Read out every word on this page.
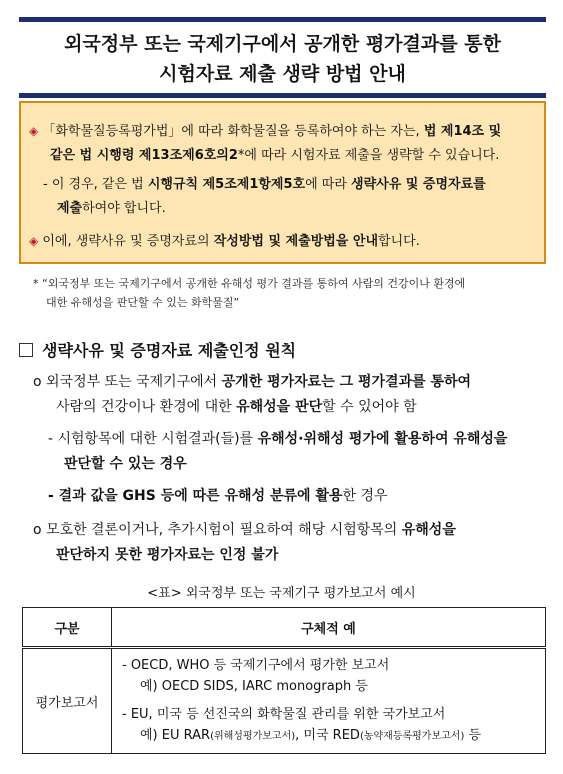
외국정부 또는 국제기구에서 공개한 평가결과를 통한
시험자료 제출 생략 방법 안내
◈ 「화학물질등록평가법」에 따라 화학물질을 등록하여야 하는 자는, 법 제14조 및
같은 법 시행령 제13조제6호의2*에 따라 시험자료 제출을 생략할 수 있습니다.
- 이 경우, 같은 법 시행규칙 제5조제1항제5호에 따라 생략사유 및 증명자료를
제출하여야 합니다.
◈ 이에, 생략사유 및 증명자료의 작성방법 및 제출방법을 안내합니다.
* “외국정부 또는 국제기구에서 공개한 유해성 평가 결과를 통하여 사람의 건강이나 환경에
대한 유해성을 판단할 수 있는 화학물질”
생략사유 및 증명자료 제출인정 원칙
o 외국정부 또는 국제기구에서 공개한 평가자료는 그 평가결과를 통하여
사람의 건강이나 환경에 대한 유해성을 판단할 수 있어야 함
- 시험항목에 대한 시험결과(들)를 유해성·위해성 평가에 활용하여 유해성을
판단할 수 있는 경우
- 결과 값을 GHS 등에 따른 유해성 분류에 활용한 경우
o 모호한 결론이거나, 추가시험이 필요하여 해당 시험항목의 유해성을
판단하지 못한 평가자료는 인정 불가
<표> 외국정부 또는 국제기구 평가보고서 예시
구분	구체적 예
평가보고서	- OECD, WHO 등 국제기구에서 평가한 보고서
예) OECD SIDS, IARC monograph 등
- EU, 미국 등 선진국의 화학물질 관리를 위한 국가보고서
예) EU RAR(위해성평가보고서), 미국 RED(농약재등록평가보고서) 등
